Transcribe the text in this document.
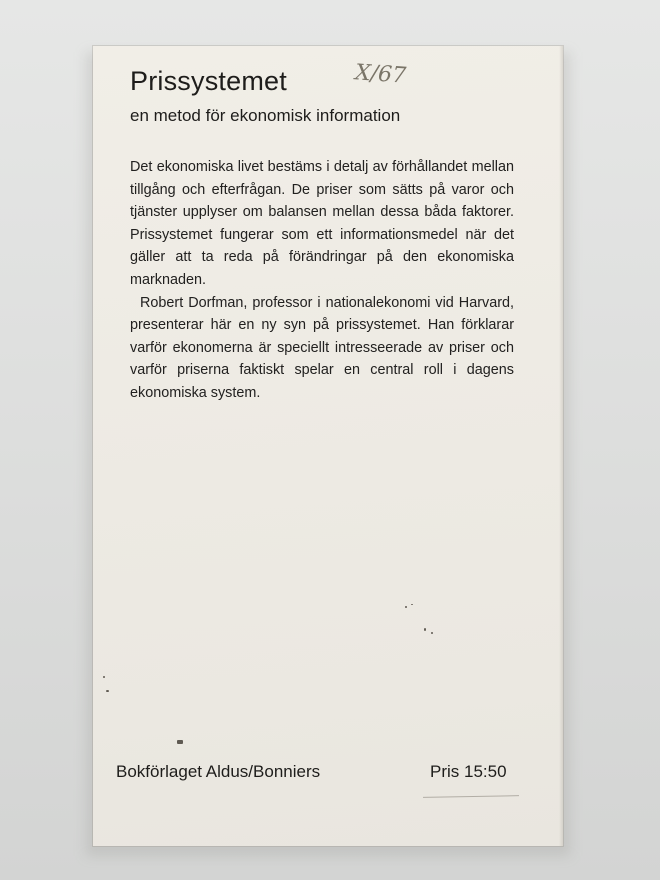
Prissystemet	X/67
en metod för ekonomisk information

Det ekonomiska livet bestäms i detalj av förhållandet mellan tillgång och efterfrågan. De priser som sätts på varor och tjänster upplyser om balansen mellan dessa båda faktorer. Prissystemet fungerar som ett informationsmedel när det gäller att ta reda på förändringar på den ekonomiska marknaden.

Robert Dorfman, professor i nationalekonomi vid Harvard, presenterar här en ny syn på prissystemet. Han förklarar varför ekonomerna är speciellt intresseerade av priser och varför priserna faktiskt spelar en central roll i dagens ekonomiska system.

Bokförlaget Aldus/Bonniers	Pris 15:50
